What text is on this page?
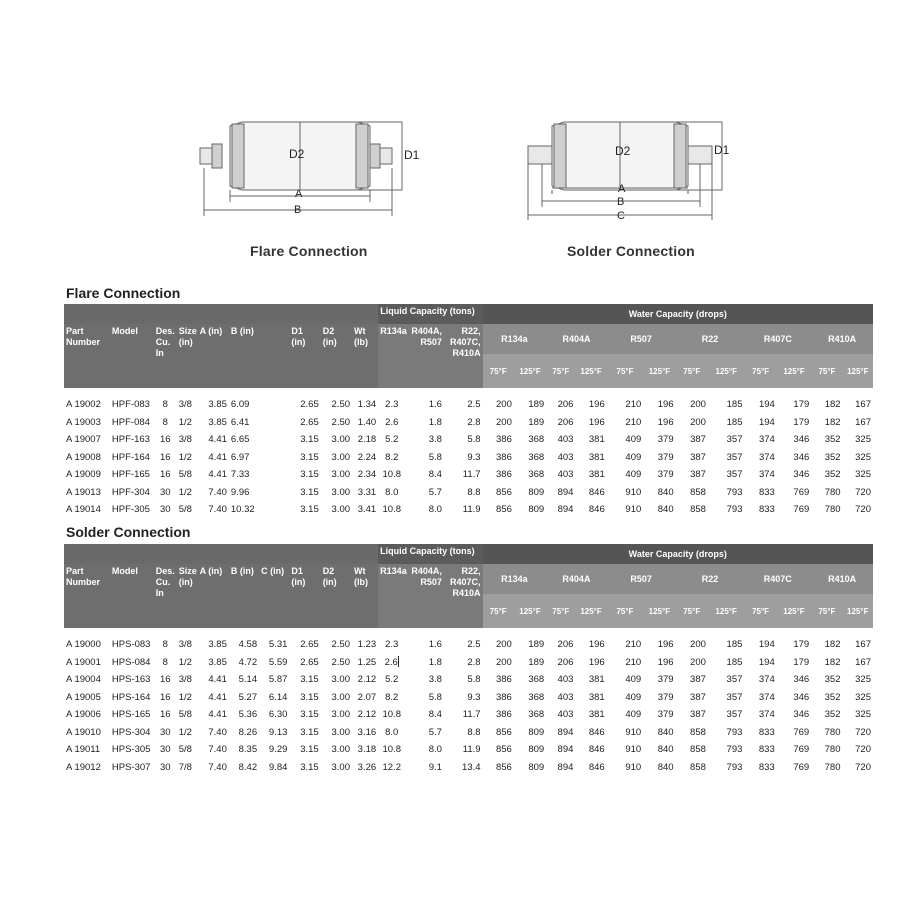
D2	D1
A
B
Flare Connection
D2	D1
A
B
C
Solder Connection
Flare Connection
									Liquid Capacity (tons)			Water Capacity (drops)											
Part Number	Model	Des. Cu. In	Size (in)	A (in)	B (in)	D1 (in)	D2 (in)	Wt (lb)	R134a	R404A, R507	R22, R407C, R410A	R134a		R404A		R507		R22		R407C		R410A	
												75°F	125°F	75°F	125°F	75°F	125°F	75°F	125°F	75°F	125°F	75°F	125°F

A 19002	HPF-083	8	3/8	3.85	6.09	2.65	2.50	1.34	2.3	1.6	2.5	200	189	206	196	210	196	200	185	194	179	182	167
A 19003	HPF-084	8	1/2	3.85	6.41	2.65	2.50	1.40	2.6	1.8	2.8	200	189	206	196	210	196	200	185	194	179	182	167
A 19007	HPF-163	16	3/8	4.41	6.65	3.15	3.00	2.18	5.2	3.8	5.8	386	368	403	381	409	379	387	357	374	346	352	325
A 19008	HPF-164	16	1/2	4.41	6.97	3.15	3.00	2.24	8.2	5.8	9.3	386	368	403	381	409	379	387	357	374	346	352	325
A 19009	HPF-165	16	5/8	4.41	7.33	3.15	3.00	2.34	10.8	8.4	11.7	386	368	403	381	409	379	387	357	374	346	352	325
A 19013	HPF-304	30	1/2	7.40	9.96	3.15	3.00	3.31	8.0	5.7	8.8	856	809	894	846	910	840	858	793	833	769	780	720
A 19014	HPF-305	30	5/8	7.40	10.32	3.15	3.00	3.41	10.8	8.0	11.9	856	809	894	846	910	840	858	793	833	769	780	720
Solder Connection
										Liquid Capacity (tons)			Water Capacity (drops)											
Part Number	Model	Des. Cu. In	Size (in)	A (in)	B (in)	C (in)	D1 (in)	D2 (in)	Wt (lb)	R134a	R404A, R507	R22, R407C, R410A	R134a		R404A		R507		R22		R407C		R410A	
													75°F	125°F	75°F	125°F	75°F	125°F	75°F	125°F	75°F	125°F	75°F	125°F

A 19000	HPS-083	8	3/8	3.85	4.58	5.31	2.65	2.50	1.23	2.3	1.6	2.5	200	189	206	196	210	196	200	185	194	179	182	167
A 19001	HPS-084	8	1/2	3.85	4.72	5.59	2.65	2.50	1.25	2.6	1.8	2.8	200	189	206	196	210	196	200	185	194	179	182	167
A 19004	HPS-163	16	3/8	4.41	5.14	5.87	3.15	3.00	2.12	5.2	3.8	5.8	386	368	403	381	409	379	387	357	374	346	352	325
A 19005	HPS-164	16	1/2	4.41	5.27	6.14	3.15	3.00	2.07	8.2	5.8	9.3	386	368	403	381	409	379	387	357	374	346	352	325
A 19006	HPS-165	16	5/8	4.41	5.36	6.30	3.15	3.00	2.12	10.8	8.4	11.7	386	368	403	381	409	379	387	357	374	346	352	325
A 19010	HPS-304	30	1/2	7.40	8.26	9.13	3.15	3.00	3.16	8.0	5.7	8.8	856	809	894	846	910	840	858	793	833	769	780	720
A 19011	HPS-305	30	5/8	7.40	8.35	9.29	3.15	3.00	3.18	10.8	8.0	11.9	856	809	894	846	910	840	858	793	833	769	780	720
A 19012	HPS-307	30	7/8	7.40	8.42	9.84	3.15	3.00	3.26	12.2	9.1	13.4	856	809	894	846	910	840	858	793	833	769	780	720
